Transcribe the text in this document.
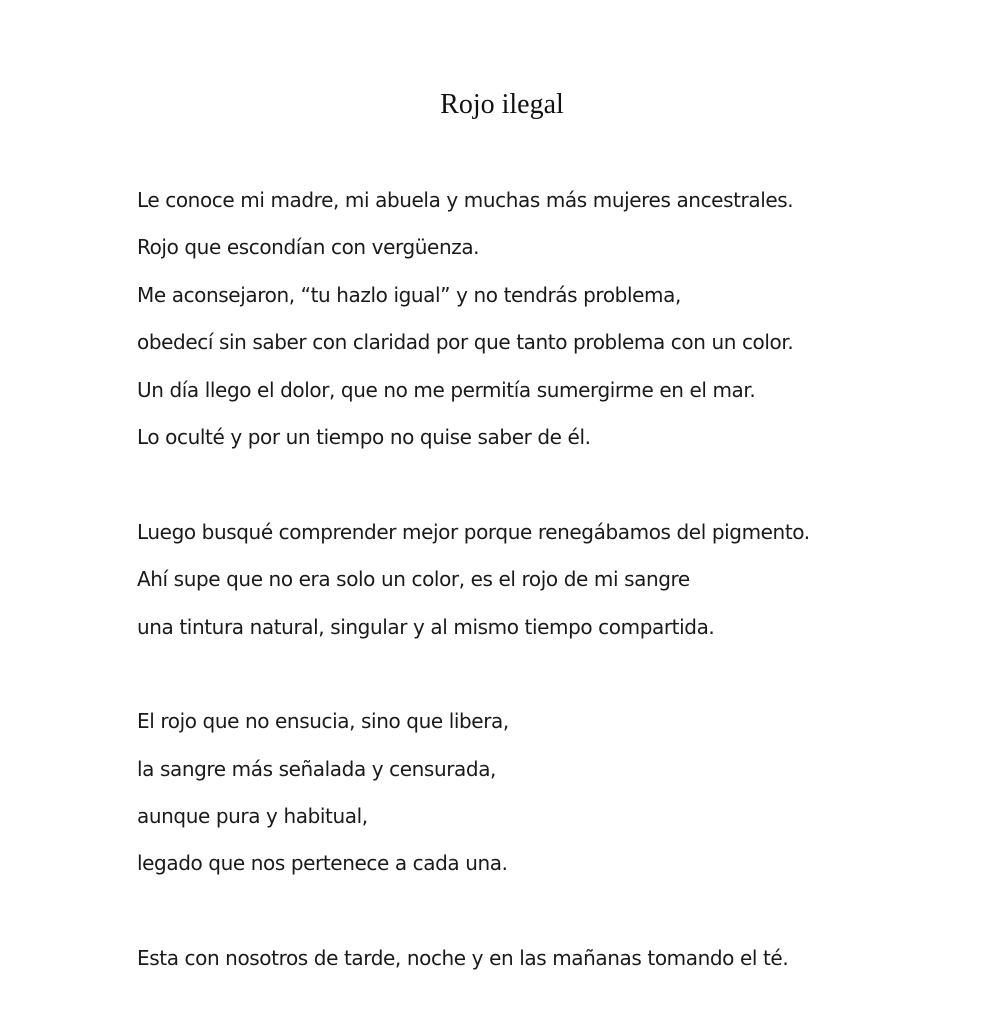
Rojo ilegal
Le conoce mi madre, mi abuela y muchas más mujeres ancestrales.
Rojo que escondían con vergüenza.
Me aconsejaron, “tu hazlo igual” y no tendrás problema,
obedecí sin saber con claridad por que tanto problema con un color.
Un día llego el dolor, que no me permitía sumergirme en el mar.
Lo oculté y por un tiempo no quise saber de él.
Luego busqué comprender mejor porque renegábamos del pigmento.
Ahí supe que no era solo un color, es el rojo de mi sangre
una tintura natural, singular y al mismo tiempo compartida.
El rojo que no ensucia, sino que libera,
la sangre más señalada y censurada,
aunque pura y habitual,
legado que nos pertenece a cada una.
Esta con nosotros de tarde, noche y en las mañanas tomando el té.
